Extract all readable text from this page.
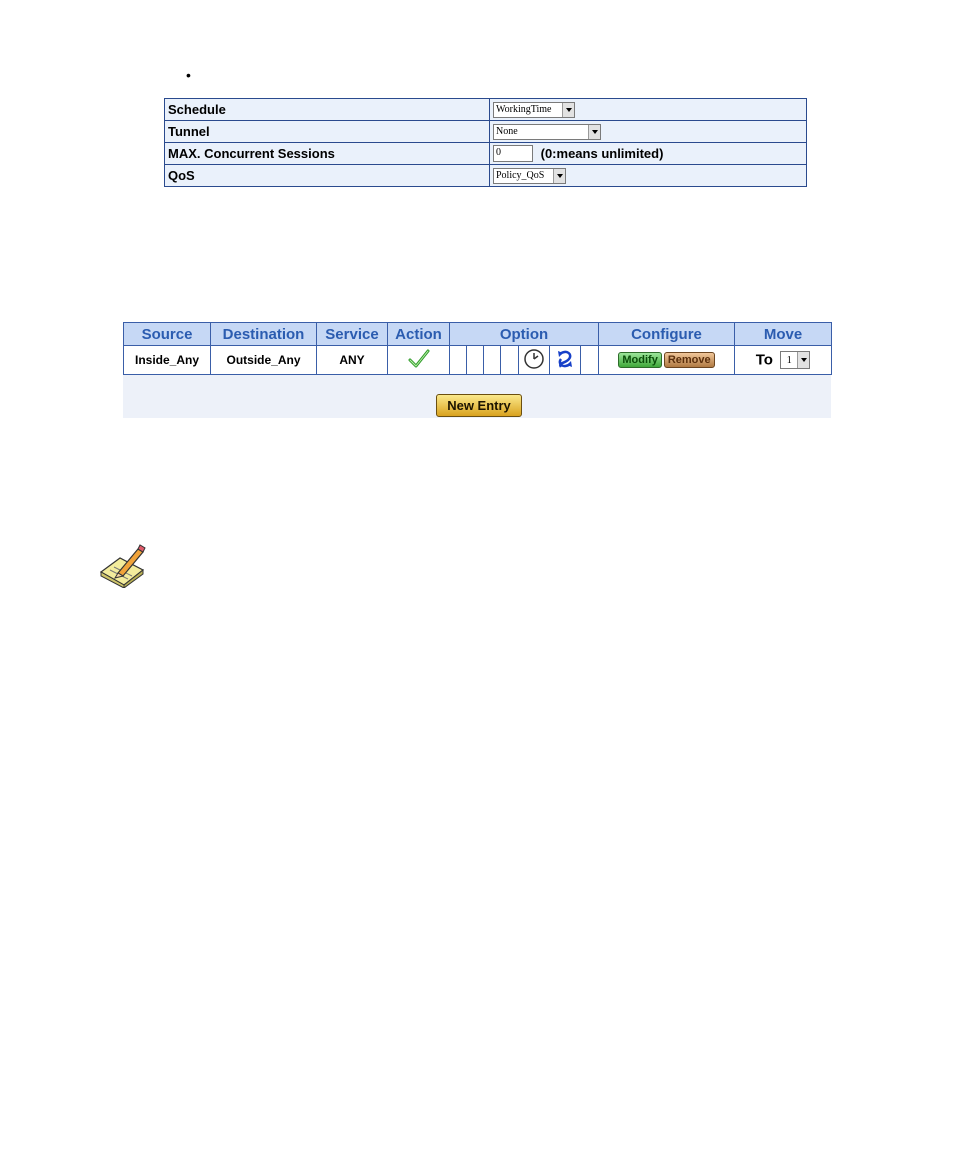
•
Schedule	WorkingTime

Tunnel	None

MAX. Concurrent Sessions	0 (0:means unlimited)
QoS	Policy_QoS
Source	Destination	Service	Action	Option							Configure	Move
Inside_Any	Outside_Any	ANY									Modify Remove	To 1
New Entry
